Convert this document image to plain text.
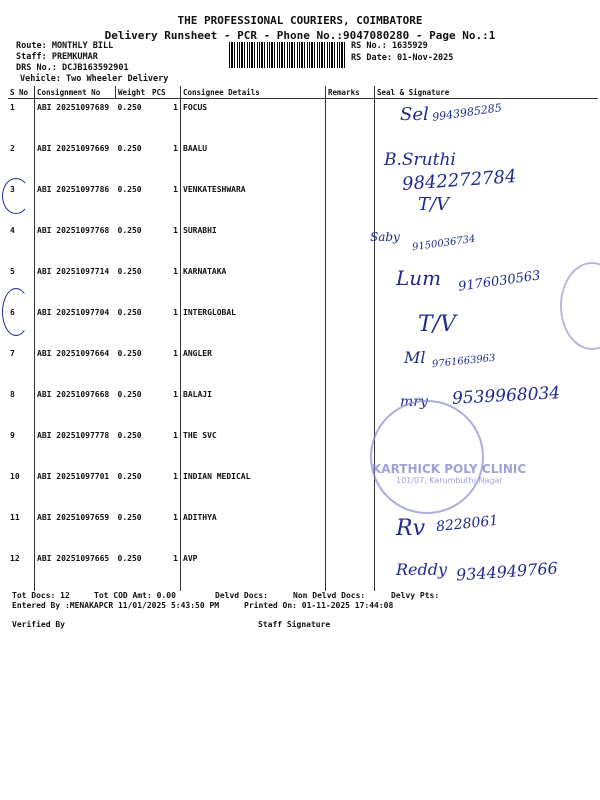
THE PROFESSIONAL COURIERS, COIMBATORE
Delivery Runsheet - PCR - Phone No.:9047080280 - Page No.:1
Route: MONTHLY BILL
Staff: PREMKUMAR
DRS No.: DCJB163592901
Vehicle: Two Wheeler Delivery
RS No.: 1635929
RS Date: 01-Nov-2025
S No	Consignment No	Weight	PCS	Consignee Details	Remarks	Seal & Signature
1	ABI 20251097689	0.250	1	FOCUS		
2	ABI 20251097669	0.250	1	BAALU		
3	ABI 20251097786	0.250	1	VENKATESHWARA		
4	ABI 20251097768	0.250	1	SURABHI		
5	ABI 20251097714	0.250	1	KARNATAKA		
6	ABI 20251097704	0.250	1	INTERGLOBAL		
7	ABI 20251097664	0.250	1	ANGLER		
8	ABI 20251097668	0.250	1	BALAJI		
9	ABI 20251097778	0.250	1	THE SVC		
10	ABI 20251097701	0.250	1	INDIAN MEDICAL		
11	ABI 20251097659	0.250	1	ADITHYA		
12	ABI 20251097665	0.250	1	AVP		
Sel 9943985285
B.Sruthi
9842272784
T/V
Saby 9150036734
Lum 9176030563
T/V
Ml 9761663963
mry 9539968034
KARTHICK POLY CLINIC
101/07, Karumbuthi Nagar
Rv 8228061
Reddy 9344949766
Tot Docs: 12	Tot COD Amt: 0.00	Delvd Docs:	Non Delvd Docs:	Delvy Pts:
Entered By :MENAKAPCR 11/01/2025 5:43:50 PM	Printed On: 01-11-2025 17:44:08
Verified By	Staff Signature
